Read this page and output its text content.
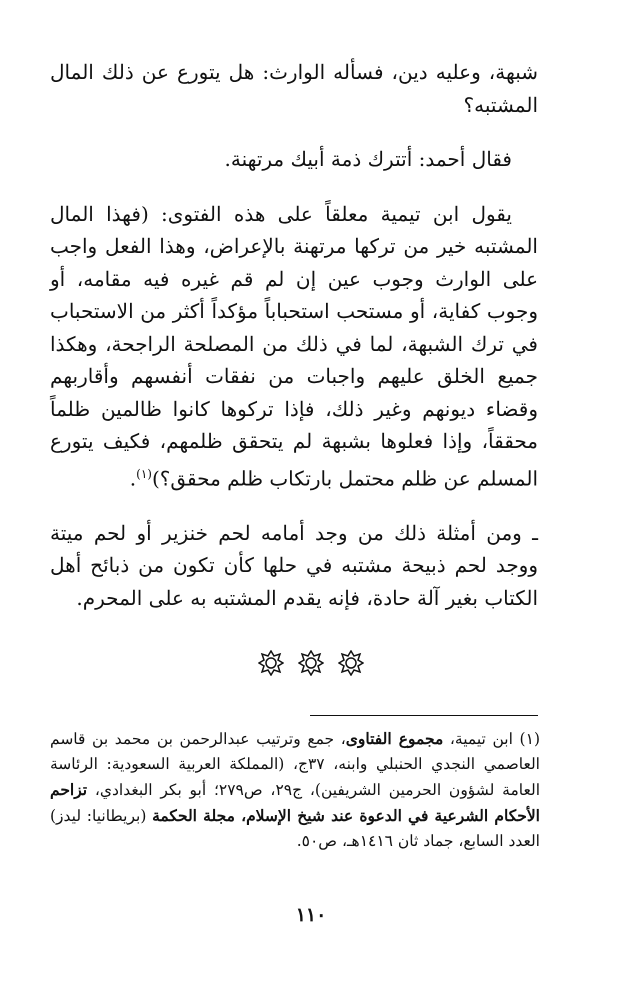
شبهة، وعليه دين، فسأله الوارث: هل يتورع عن ذلك المال المشتبه؟

فقال أحمد: أتترك ذمة أبيك مرتهنة.

يقول ابن تيمية معلقاً على هذه الفتوى: (فهذا المال المشتبه خير من تركها مرتهنة بالإعراض، وهذا الفعل واجب على الوارث وجوب عين إن لم قم غيره فيه مقامه، أو وجوب كفاية، أو مستحب استحباباً مؤكداً أكثر من الاستحباب في ترك الشبهة، لما في ذلك من المصلحة الراجحة، وهكذا جميع الخلق عليهم واجبات من نفقات أنفسهم وأقاربهم وقضاء ديونهم وغير ذلك، فإذا تركوها كانوا ظالمين ظلماً محققاً، وإذا فعلوها بشبهة لم يتحقق ظلمهم، فكيف يتورع المسلم عن ظلم محتمل بارتكاب ظلم محقق؟)$^{(١)}$.

ـ ومن أمثلة ذلك من وجد أمامه لحم خنزير أو لحم ميتة ووجد لحم ذبيحة مشتبه في حلها كأن تكون من ذبائح أهل الكتاب بغير آلة حادة، فإنه يقدم المشتبه به على المحرم.

(١) ابن تيمية، مجموع الفتاوى، جمع وترتيب عبدالرحمن بن محمد بن قاسم العاصمي النجدي الحنبلي وابنه، ٣٧ج، (المملكة العربية السعودية: الرئاسة العامة لشؤون الحرمين الشريفين)، ج٢٩، ص٢٧٩؛ أبو بكر البغدادي، تزاحم الأحكام الشرعية في الدعوة عند شيخ الإسلام، مجلة الحكمة (بريطانيا: ليدز) العدد السابع، جماد ثان ١٤١٦هـ، ص٥٠.
١١٠
